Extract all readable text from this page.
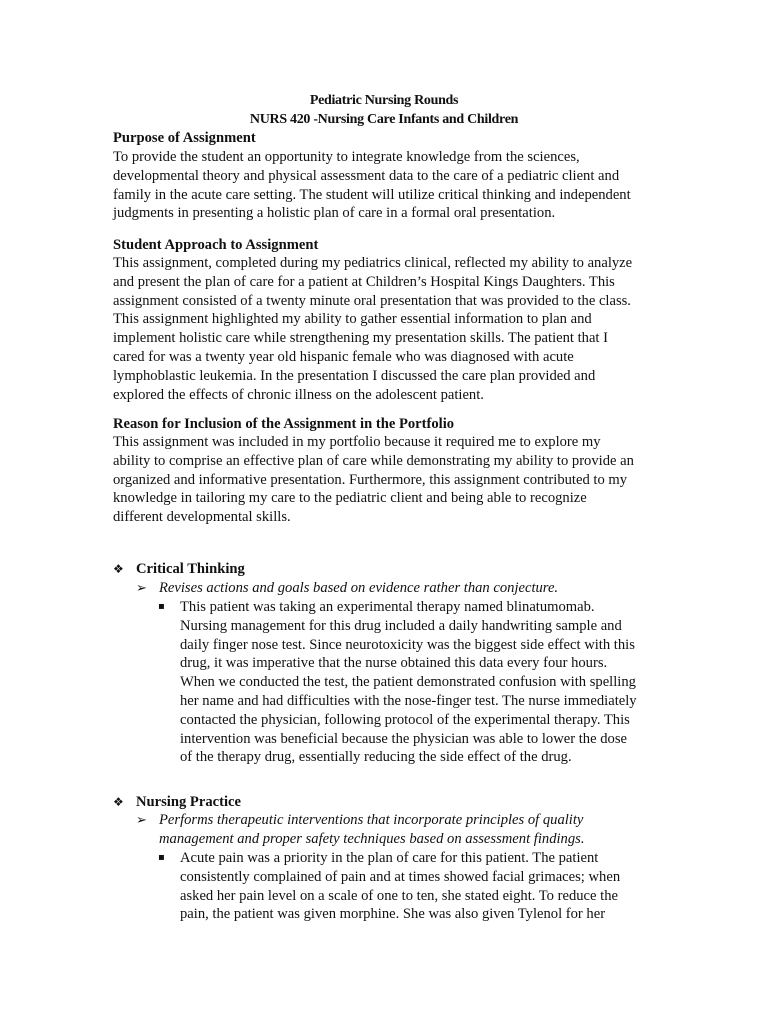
Pediatric Nursing Rounds
NURS 420 -Nursing Care Infants and Children
Purpose of Assignment
To provide the student an opportunity to integrate knowledge from the sciences,
developmental theory and physical assessment data to the care of a pediatric client and
family in the acute care setting. The student will utilize critical thinking and independent
judgments in presenting a holistic plan of care in a formal oral presentation.
Student Approach to Assignment
This assignment, completed during my pediatrics clinical, reflected my ability to analyze
and present the plan of care for a patient at Children’s Hospital Kings Daughters. This
assignment consisted of a twenty minute oral presentation that was provided to the class.
This assignment highlighted my ability to gather essential information to plan and
implement holistic care while strengthening my presentation skills. The patient that I
cared for was a twenty year old hispanic female who was diagnosed with acute
lymphoblastic leukemia. In the presentation I discussed the care plan provided and
explored the effects of chronic illness on the adolescent patient.
Reason for Inclusion of the Assignment in the Portfolio
This assignment was included in my portfolio because it required me to explore my
ability to comprise an effective plan of care while demonstrating my ability to provide an
organized and informative presentation. Furthermore, this assignment contributed to my
knowledge in tailoring my care to the pediatric client and being able to recognize
different developmental skills.
❖ Critical Thinking
➢ Revises actions and goals based on evidence rather than conjecture.
▪ This patient was taking an experimental therapy named blinatumomab.
Nursing management for this drug included a daily handwriting sample and
daily finger nose test. Since neurotoxicity was the biggest side effect with this
drug, it was imperative that the nurse obtained this data every four hours.
When we conducted the test, the patient demonstrated confusion with spelling
her name and had difficulties with the nose-finger test. The nurse immediately
contacted the physician, following protocol of the experimental therapy. This
intervention was beneficial because the physician was able to lower the dose
of the therapy drug, essentially reducing the side effect of the drug.
❖ Nursing Practice
➢ Performs therapeutic interventions that incorporate principles of quality
management and proper safety techniques based on assessment findings.
▪ Acute pain was a priority in the plan of care for this patient. The patient
consistently complained of pain and at times showed facial grimaces; when
asked her pain level on a scale of one to ten, she stated eight. To reduce the
pain, the patient was given morphine. She was also given Tylenol for her
